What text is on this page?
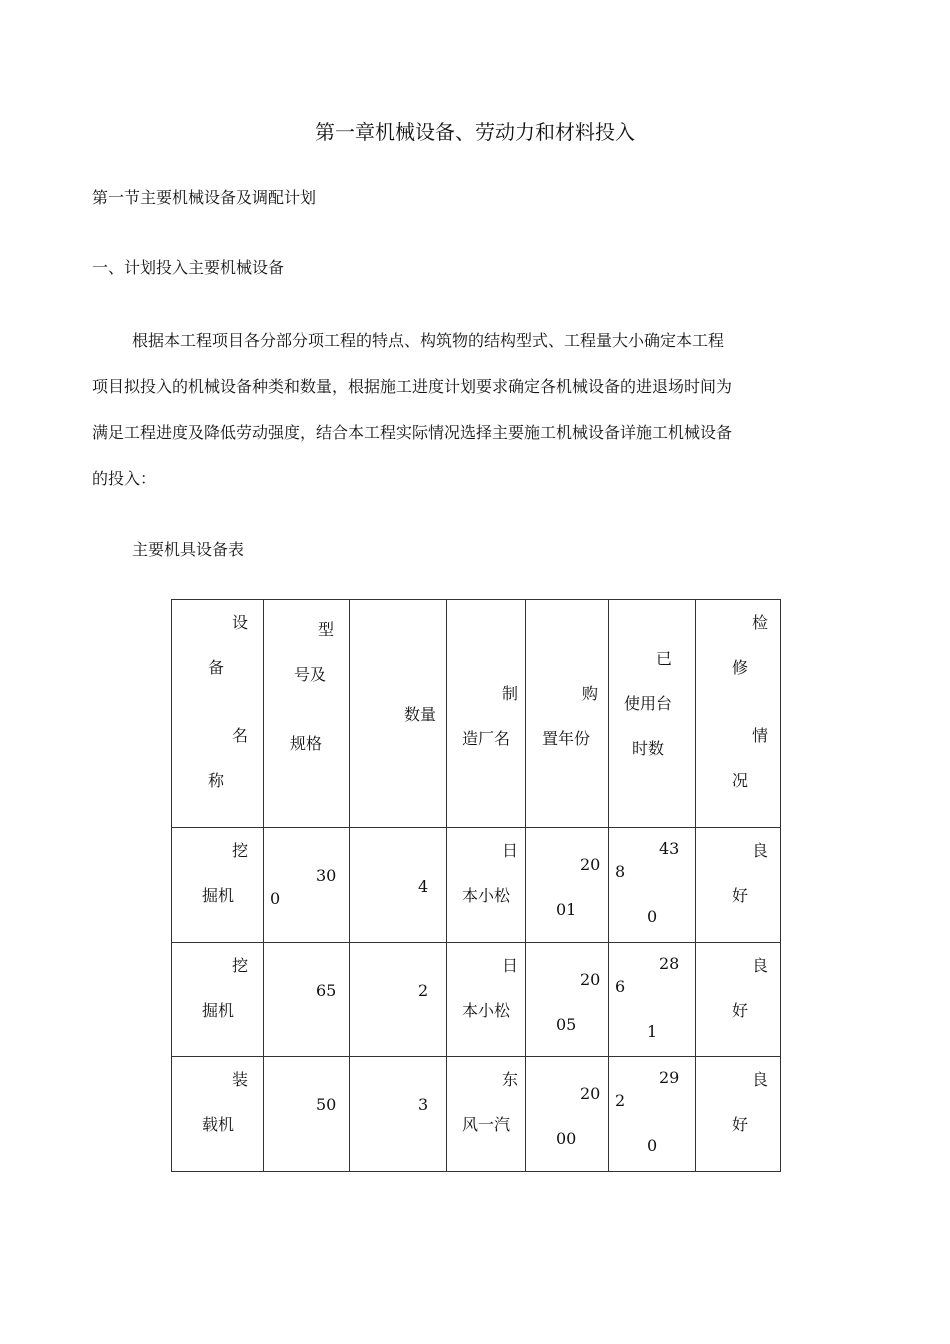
第一章机械设备、劳动力和材料投入
第一节主要机械设备及调配计划
一、计划投入主要机械设备
根据本工程项目各分部分项工程的特点、构筑物的结构型式、工程量大小确定本工程
项目拟投入的机械设备种类和数量，根据施工进度计划要求确定各机械设备的进退场时间为
满足工程进度及降低劳动强度，结合本工程实际情况选择主要施工机械设备详施工机械设备
的投入：
主要机具设备表
设
备
名
称	型
号及
规格	数量	制
造厂名	购
置年份	已
使用台
时数	检
修
情
况

挖
掘机	30
0	4	日
本小松	20
01	43
8
0	良
好

挖
掘机	65	2	日
本小松	20
05	28
6
1	良
好

装
载机	50	3	东
风一汽	20
00	29
2
0	良
好
